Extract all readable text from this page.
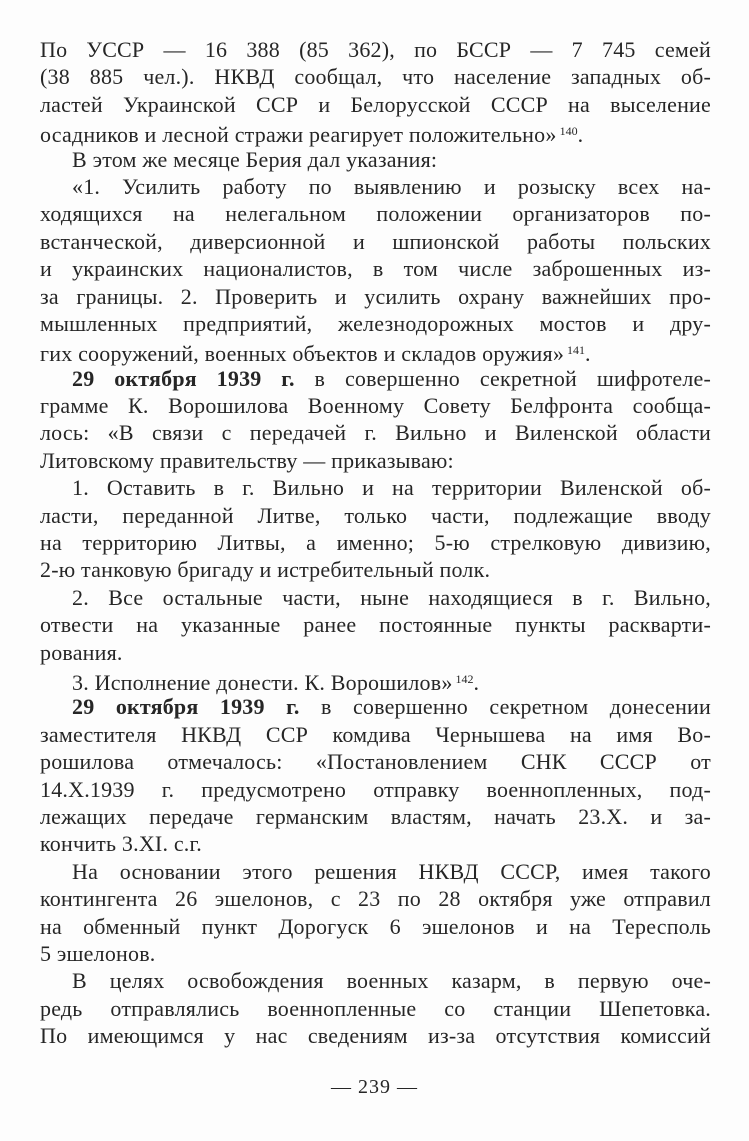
По УССР — 16 388 (85 362), по БССР — 7 745 семей
(38 885 чел.). НКВД сообщал, что население западных об-
ластей Украинской ССР и Белорусской СССР на выселение
осадников и лесной стражи реагирует положительно» $^{140}$.
В этом же месяце Берия дал указания:
«1. Усилить работу по выявлению и розыску всех на-
ходящихся на нелегальном положении организаторов по-
встанческой, диверсионной и шпионской работы польских
и украинских националистов, в том числе заброшенных из-
за границы. 2. Проверить и усилить охрану важнейших про-
мышленных предприятий, железнодорожных мостов и дру-
гих сооружений, военных объектов и складов оружия» $^{141}$.
29 октября 1939 г. в совершенно секретной шифротеле-
грамме К. Ворошилова Военному Совету Белфронта сообща-
лось: «В связи с передачей г. Вильно и Виленской области
Литовскому правительству — приказываю:
1. Оставить в г. Вильно и на территории Виленской об-
ласти, переданной Литве, только части, подлежащие вводу
на территорию Литвы, а именно; 5-ю стрелковую дивизию,
2-ю танковую бригаду и истребительный полк.
2. Все остальные части, ныне находящиеся в г. Вильно,
отвести на указанные ранее постоянные пункты раскварти-
рования.
3. Исполнение донести. К. Ворошилов» $^{142}$.
29 октября 1939 г. в совершенно секретном донесении
заместителя НКВД ССР комдива Чернышева на имя Во-
рошилова отмечалось: «Постановлением СНК СССР от
14.X.1939 г. предусмотрено отправку военнопленных, под-
лежащих передаче германским властям, начать 23.X. и за-
кончить 3.XI. с.г.
На основании этого решения НКВД СССР, имея такого
контингента 26 эшелонов, с 23 по 28 октября уже отправил
на обменный пункт Дорогуск 6 эшелонов и на Тересполь
5 эшелонов.
В целях освобождения военных казарм, в первую оче-
редь отправлялись военнопленные со станции Шепетовка.
По имеющимся у нас сведениям из-за отсутствия комиссий
— 239 —
